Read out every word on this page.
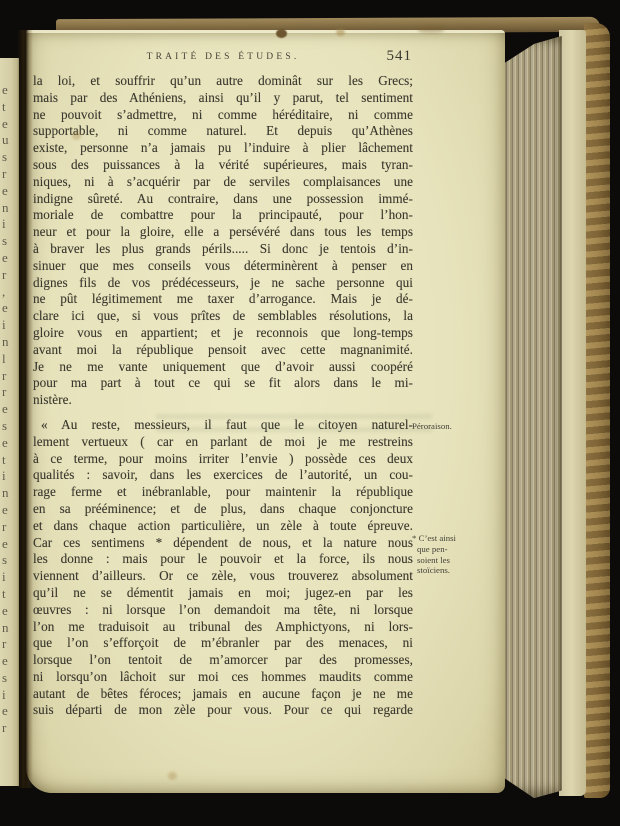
e
t
e
u
s
r
e
n
i
s
e
r
,
e
i
n
l
r
r
e
s
e
t
i
n
e
r
e
s
i
t
e
n
r
e
s
i
e
r
TRAITÉ DES ÉTUDES.	541
la loi, et souffrir qu’un autre dominât sur les Grecs;
mais par des Athéniens, ainsi qu’il y parut, tel sentiment
ne pouvoit s’admettre, ni comme héréditaire, ni comme
supportable, ni comme naturel. Et depuis qu’Athènes
existe, personne n’a jamais pu l’induire à plier lâchement
sous des puissances à la vérité supérieures, mais tyran-
niques, ni à s’acquérir par de serviles complaisances une
indigne sûreté. Au contraire, dans une possession immé-
moriale de combattre pour la principauté, pour l’hon-
neur et pour la gloire, elle a persévéré dans tous les temps
à braver les plus grands périls..... Si donc je tentois d’in-
sinuer que mes conseils vous déterminèrent à penser en
dignes fils de vos prédécesseurs, je ne sache personne qui
ne pût légitimement me taxer d’arrogance. Mais je dé-
clare ici que, si vous prîtes de semblables résolutions, la
gloire vous en appartient; et je reconnois que long-temps
avant moi la république pensoit avec cette magnanimité.
Je ne me vante uniquement que d’avoir aussi coopéré
pour ma part à tout ce qui se fit alors dans le mi-
nistère.
« Au reste, messieurs, il faut que le citoyen naturel-
lement vertueux ( car en parlant de moi je me restreins
à ce terme, pour moins irriter l’envie ) possède ces deux
qualités : savoir, dans les exercices de l’autorité, un cou-
rage ferme et inébranlable, pour maintenir la république
en sa prééminence; et de plus, dans chaque conjoncture
et dans chaque action particulière, un zèle à toute épreuve.
Car ces sentimens * dépendent de nous, et la nature nous
les donne : mais pour le pouvoir et la force, ils nous
viennent d’ailleurs. Or ce zèle, vous trouverez absolument
qu’il ne se démentit jamais en moi; jugez-en par les
œuvres : ni lorsque l’on demandoit ma tête, ni lorsque
l’on me traduisoit au tribunal des Amphictyons, ni lors-
que l’on s’efforçoit de m’ébranler par des menaces, ni
lorsque l’on tentoit de m’amorcer par des promesses,
ni lorsqu’on lâchoit sur moi ces hommes maudits comme
autant de bêtes féroces; jamais en aucune façon je ne me
suis départi de mon zèle pour vous. Pour ce qui regarde
Péroraison.
* C’est ainsi
que pen-
soient les
stoïciens.
